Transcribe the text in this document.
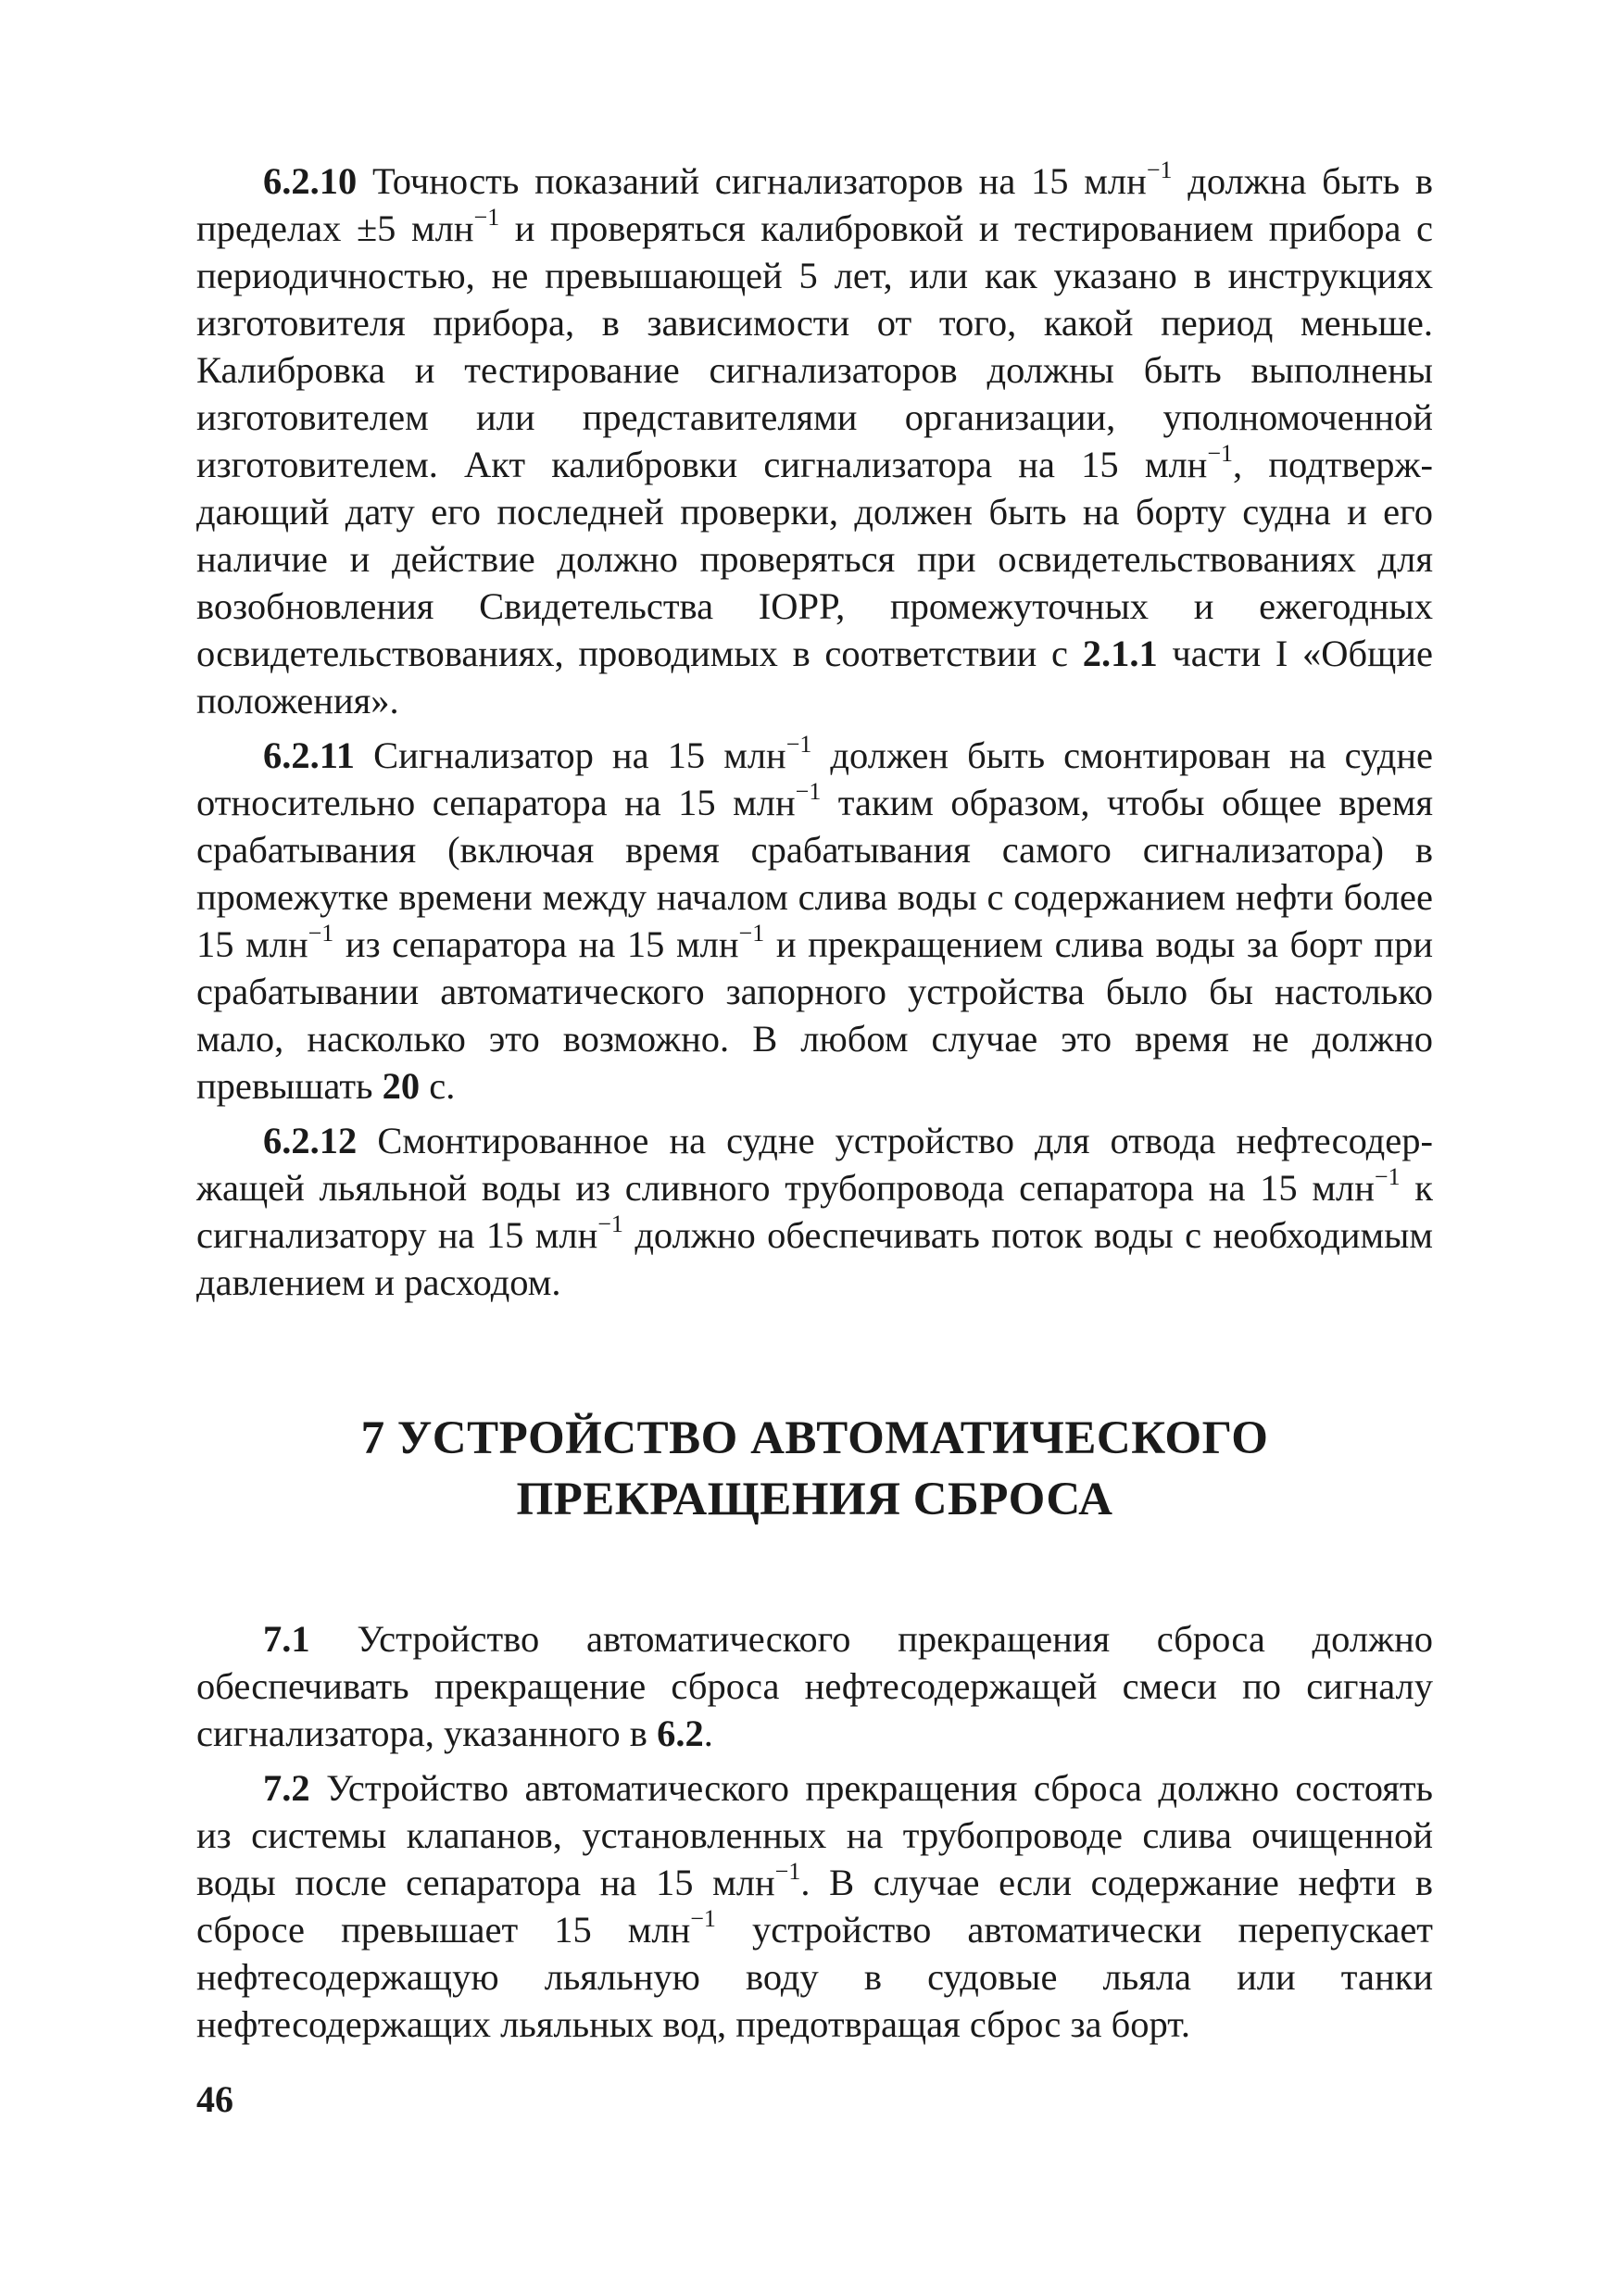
6.2.10 Точность показаний сигнализаторов на 15 млн$^{-1}$ должна быть в пределах ±5 млн$^{-1}$ и проверяться калибровкой и тестированием прибора с периодичностью, не превышающей 5 лет, или как указано в инструкциях изготовителя прибора, в зависимости от того, какой период меньше. Калибровка и тестирование сигнализаторов должны быть выполнены изготовителем или представителями организации, уполномоченной изготовителем. Акт калибровки сигнализатора на 15 млн$^{-1}$, подтверждающий дату его последней проверки, должен быть на борту судна и его наличие и действие должно проверяться при освидетельствованиях для возобновления Свидетельства IOPP, промежуточных и ежегодных освидетельствованиях, проводимых в соответствии с 2.1.1 части I «Общие положения».

6.2.11 Сигнализатор на 15 млн$^{-1}$ должен быть смонтирован на судне относительно сепаратора на 15 млн$^{-1}$ таким образом, чтобы общее время срабатывания (включая время срабатывания самого сигнализатора) в промежутке времени между началом слива воды с содержанием нефти более 15 млн$^{-1}$ из сепаратора на 15 млн$^{-1}$ и прекращением слива воды за борт при срабатывании автоматического запорного устройства было бы настолько мало, насколько это возможно. В любом случае это время не должно превышать 20 с.

6.2.12 Смонтированное на судне устройство для отвода нефтесодержащей льяльной воды из сливного трубопровода сепаратора на 15 млн$^{-1}$ к сигнализатору на 15 млн$^{-1}$ должно обеспечивать поток воды с необходимым давлением и расходом.

7 УСТРОЙСТВО АВТОМАТИЧЕСКОГО
ПРЕКРАЩЕНИЯ СБРОСА

7.1 Устройство автоматического прекращения сброса должно обеспечивать прекращение сброса нефтесодержащей смеси по сигналу сигнализатора, указанного в 6.2.

7.2 Устройство автоматического прекращения сброса должно состоять из системы клапанов, установленных на трубопроводе слива очищенной воды после сепаратора на 15 млн$^{-1}$. В случае если содержание нефти в сбросе превышает 15 млн$^{-1}$ устройство автоматически перепускает нефтесодержащую льяльную воду в судовые льяла или танки нефтесодержащих льяльных вод, предотвращая сброс за борт.

46
